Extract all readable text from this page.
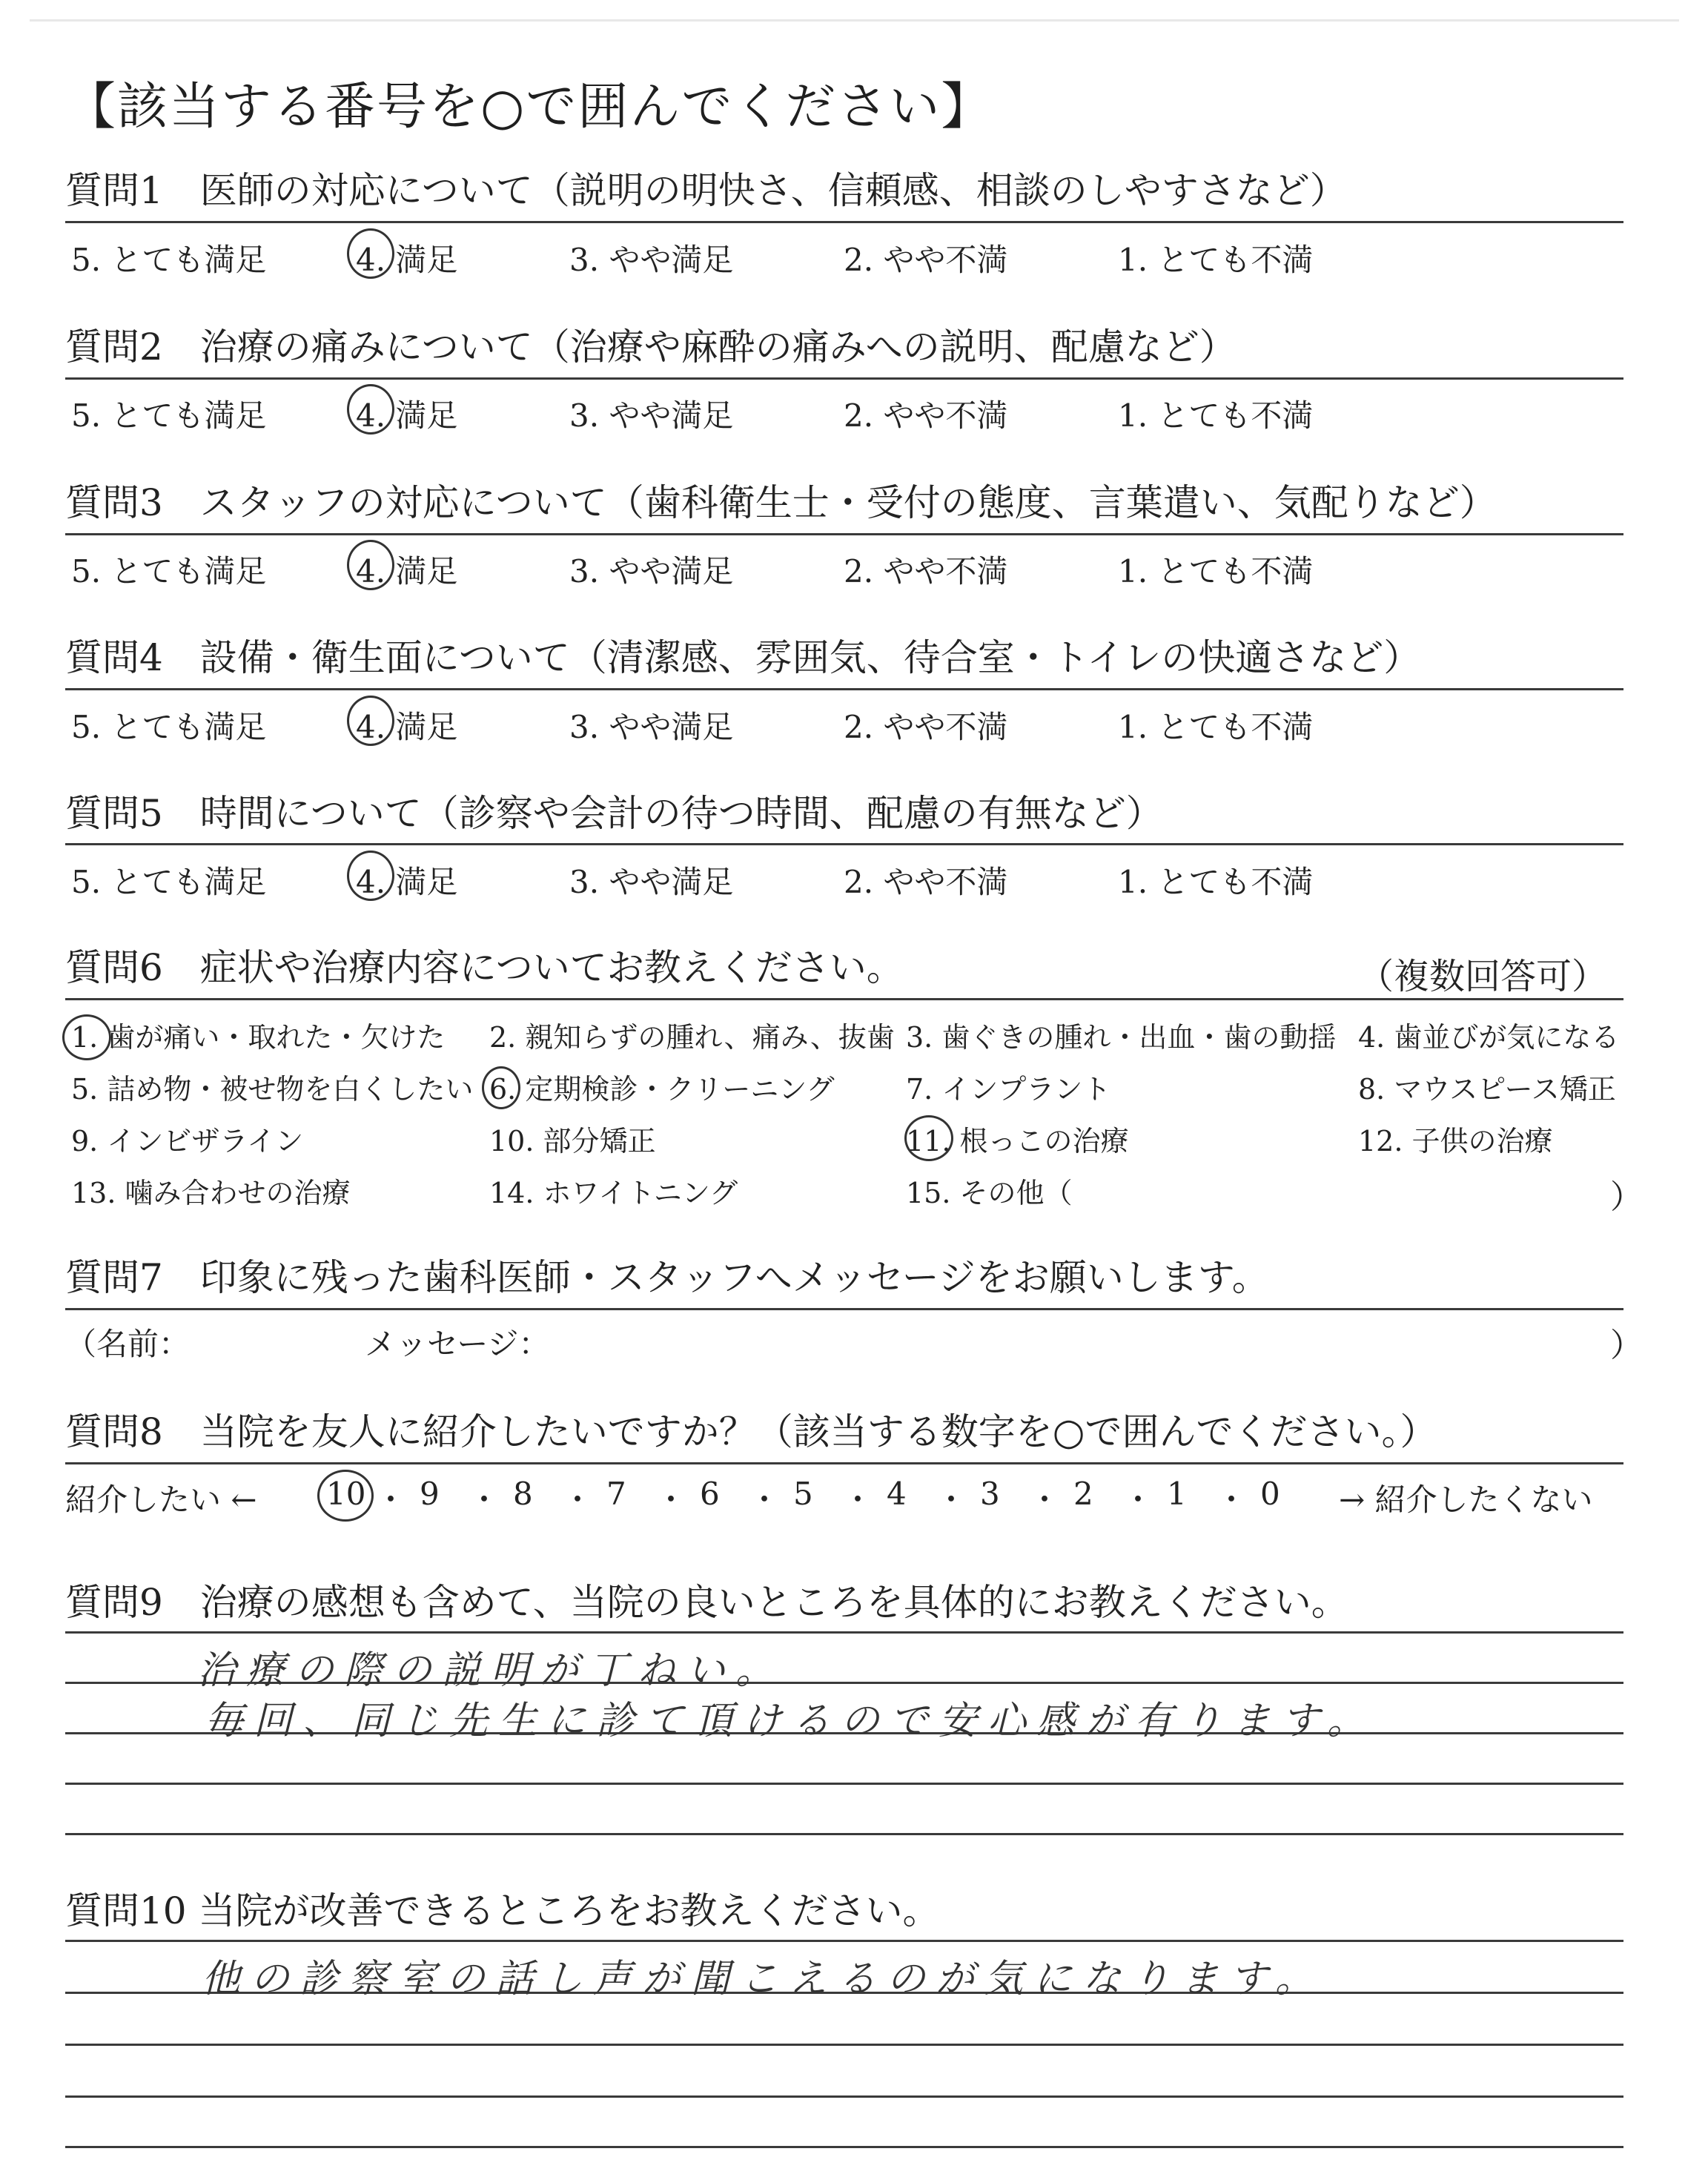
【該当する番号を○で囲んでください】
質問1　医師の対応について（説明の明快さ、信頼感、相談のしやすさなど）
5. とても満足	4. 満足	3. やや満足	2. やや不満	1. とても不満
質問2　治療の痛みについて（治療や麻酔の痛みへの説明、配慮など）
5. とても満足	4. 満足	3. やや満足	2. やや不満	1. とても不満
質問3　スタッフの対応について（歯科衛生士・受付の態度、言葉遣い、気配りなど）
5. とても満足	4. 満足	3. やや満足	2. やや不満	1. とても不満
質問4　設備・衛生面について（清潔感、雰囲気、待合室・トイレの快適さなど）
5. とても満足	4. 満足	3. やや満足	2. やや不満	1. とても不満
質問5　時間について（診察や会計の待つ時間、配慮の有無など）
5. とても満足	4. 満足	3. やや満足	2. やや不満	1. とても不満
質問6　症状や治療内容についてお教えください。	（複数回答可）
1. 歯が痛い・取れた・欠けた 2. 親知らずの腫れ、痛み、抜歯 3. 歯ぐきの腫れ・出血・歯の動揺 4. 歯並びが気になる
5. 詰め物・被せ物を白くしたい 6. 定期検診・クリーニング	7. インプラント	8. マウスピース矯正
9. インビザライン	10. 部分矯正	11. 根っこの治療	12. 子供の治療
13. 噛み合わせの治療	14. ホワイトニング	15. その他（	）
質問7　印象に残った歯科医師・スタッフへメッセージをお願いします。
（名前：	メッセージ：	）
質問8　当院を友人に紹介したいですか？（該当する数字を○で囲んでください。）
紹介したい ←	→ 紹介したくない
10 ・ 9 ・ 8 ・ 7 ・ 6 ・ 5 ・ 4 ・ 3 ・ 2 ・ 1 ・ 0
質問9　治療の感想も含めて、当院の良いところを具体的にお教えください。
治療の際の説明が丁ねい。
毎回、同じ先生に診て頂けるので安心感が有ります。
質問10 当院が改善できるところをお教えください。
他の診察室の話し声が聞こえるのが気になります。
